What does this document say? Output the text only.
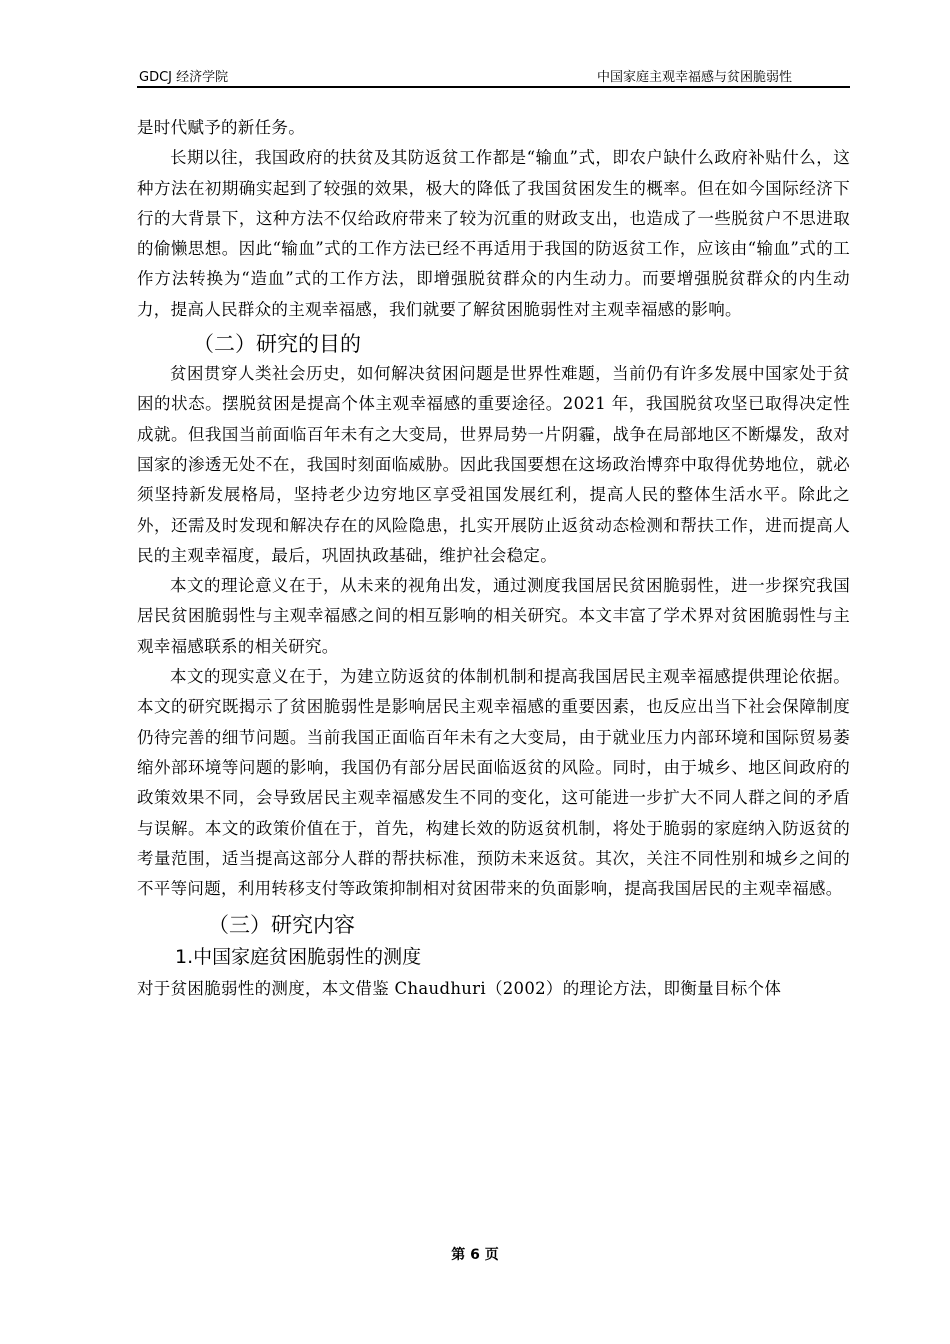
GDCJ 经济学院	中国家庭主观幸福感与贫困脆弱性

是时代赋予的新任务。

长期以往，我国政府的扶贫及其防返贫工作都是“输血”式，即农户缺什么政府补贴什么，这种方法在初期确实起到了较强的效果，极大的降低了我国贫困发生的概率。但在如今国际经济下行的大背景下，这种方法不仅给政府带来了较为沉重的财政支出，也造成了一些脱贫户不思进取的偷懒思想。因此“输血”式的工作方法已经不再适用于我国的防返贫工作，应该由“输血”式的工作方法转换为“造血”式的工作方法，即增强脱贫群众的内生动力。而要增强脱贫群众的内生动力，提高人民群众的主观幸福感，我们就要了解贫困脆弱性对主观幸福感的影响。

（二）研究的目的

贫困贯穿人类社会历史，如何解决贫困问题是世界性难题，当前仍有许多发展中国家处于贫困的状态。摆脱贫困是提高个体主观幸福感的重要途径。2021 年，我国脱贫攻坚已取得决定性成就。但我国当前面临百年未有之大变局，世界局势一片阴霾，战争在局部地区不断爆发，敌对国家的渗透无处不在，我国时刻面临威胁。因此我国要想在这场政治博弈中取得优势地位，就必须坚持新发展格局，坚持老少边穷地区享受祖国发展红利，提高人民的整体生活水平。除此之外，还需及时发现和解决存在的风险隐患，扎实开展防止返贫动态检测和帮扶工作，进而提高人民的主观幸福度，最后，巩固执政基础，维护社会稳定。

本文的理论意义在于，从未来的视角出发，通过测度我国居民贫困脆弱性，进一步探究我国居民贫困脆弱性与主观幸福感之间的相互影响的相关研究。本文丰富了学术界对贫困脆弱性与主观幸福感联系的相关研究。

本文的现实意义在于，为建立防返贫的体制机制和提高我国居民主观幸福感提供理论依据。本文的研究既揭示了贫困脆弱性是影响居民主观幸福感的重要因素，也反应出当下社会保障制度仍待完善的细节问题。当前我国正面临百年未有之大变局，由于就业压力内部环境和国际贸易萎缩外部环境等问题的影响，我国仍有部分居民面临返贫的风险。同时，由于城乡、地区间政府的政策效果不同，会导致居民主观幸福感发生不同的变化，这可能进一步扩大不同人群之间的矛盾与误解。本文的政策价值在于，首先，构建长效的防返贫机制，将处于脆弱的家庭纳入防返贫的考量范围，适当提高这部分人群的帮扶标准，预防未来返贫。其次，关注不同性别和城乡之间的不平等问题，利用转移支付等政策抑制相对贫困带来的负面影响，提高我国居民的主观幸福感。

（三）研究内容
1.中国家庭贫困脆弱性的测度

对于贫困脆弱性的测度，本文借鉴 Chaudhuri（2002）的理论方法，即衡量目标个体

第 6 页
